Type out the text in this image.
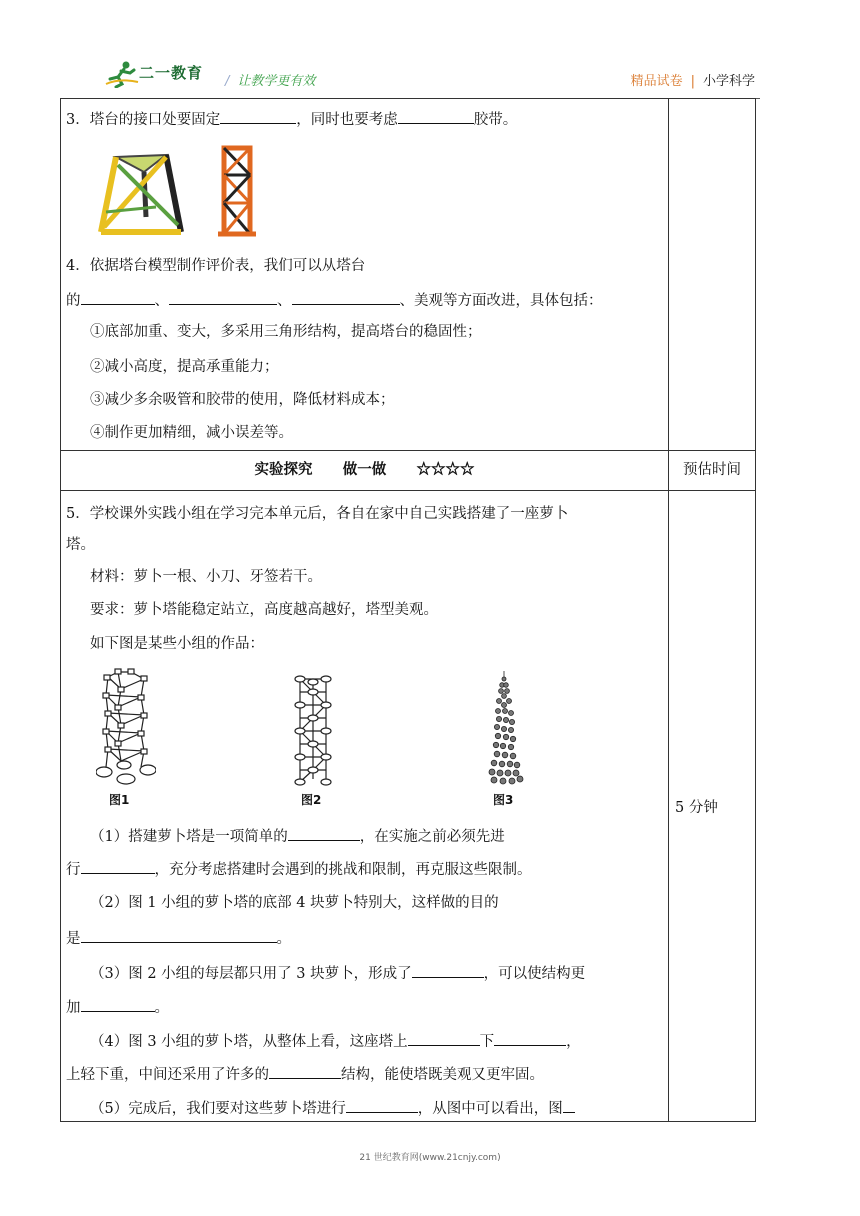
二一教育 / 让教学更有效	精品试卷 | 小学科学
3．塔台的接口处要固定	，同时也要考虑	胶带。
4．依据塔台模型制作评价表，我们可以从塔台
的	、	、	、美观等方面改进，具体包括：
①底部加重、变大，多采用三角形结构，提高塔台的稳固性；
②减小高度，提高承重能力；
③减少多余吸管和胶带的使用，降低材料成本；
④制作更加精细，减小误差等。
实验探究      做一做      ☆☆☆☆	预估时间
5．学校课外实践小组在学习完本单元后，各自在家中自己实践搭建了一座萝卜
塔。
材料：萝卜一根、小刀、牙签若干。
要求：萝卜塔能稳定站立，高度越高越好，塔型美观。
如下图是某些小组的作品：
图1	图2	图3	5 分钟
（1）搭建萝卜塔是一项简单的	，在实施之前必须先进
行	，充分考虑搭建时会遇到的挑战和限制，再克服这些限制。
（2）图 1 小组的萝卜塔的底部 4 块萝卜特别大，这样做的目的
是	。
（3）图 2 小组的每层都只用了 3 块萝卜，形成了	，可以使结构更
加	。
（4）图 3 小组的萝卜塔，从整体上看，这座塔上	下	，
上轻下重，中间还采用了许多的	结构，能使塔既美观又更牢固。
（5）完成后，我们要对这些萝卜塔进行	，从图中可以看出，图
21 世纪教育网(www.21cnjy.com)
